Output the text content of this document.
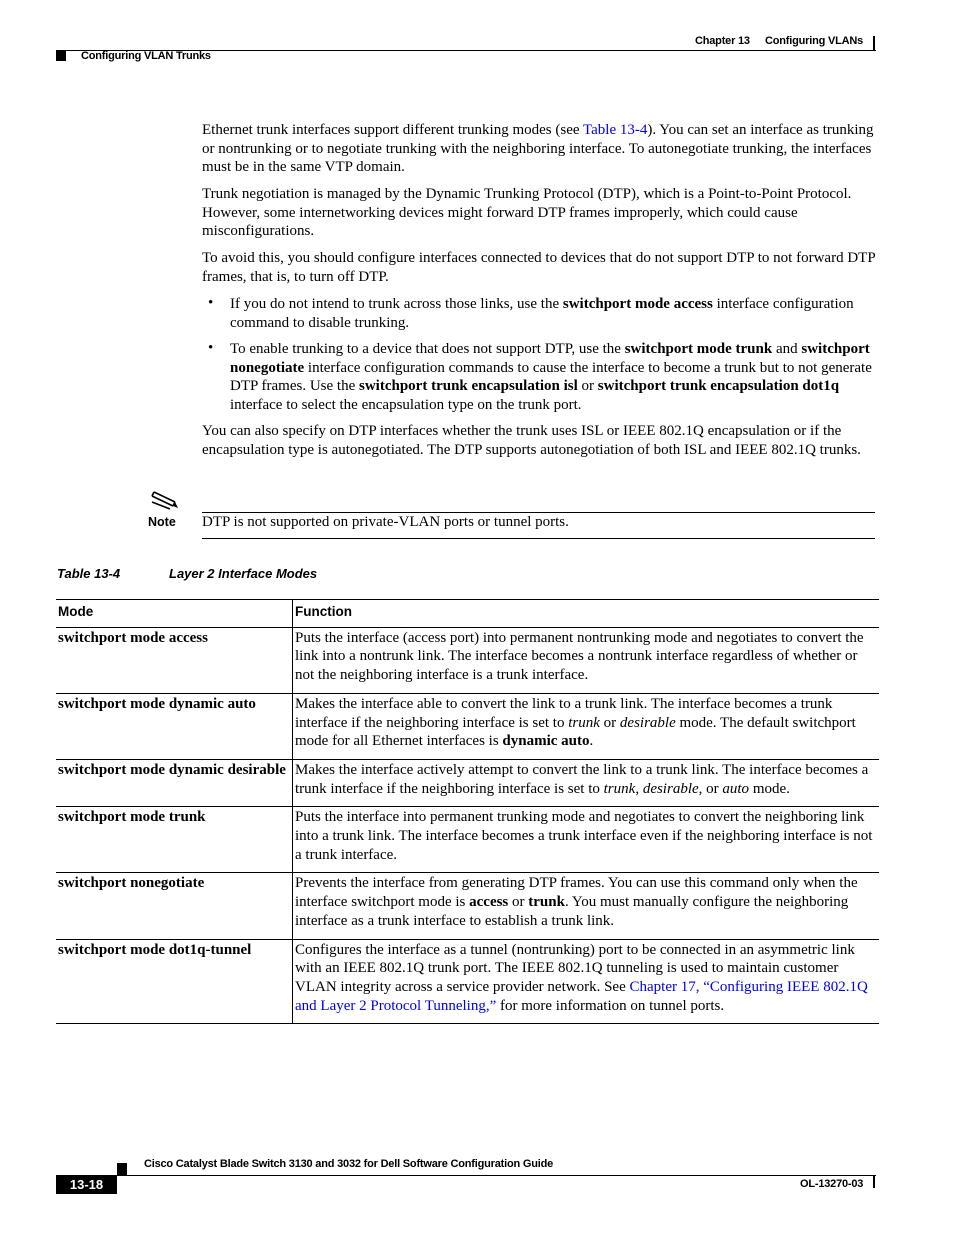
Chapter 13 Configuring VLANs
Configuring VLAN Trunks
Ethernet trunk interfaces support different trunking modes (see Table 13-4). You can set an interface as trunking or nontrunking or to negotiate trunking with the neighboring interface. To autonegotiate trunking, the interfaces must be in the same VTP domain.
Trunk negotiation is managed by the Dynamic Trunking Protocol (DTP), which is a Point-to-Point Protocol. However, some internetworking devices might forward DTP frames improperly, which could cause misconfigurations.
To avoid this, you should configure interfaces connected to devices that do not support DTP to not forward DTP frames, that is, to turn off DTP.
• If you do not intend to trunk across those links, use the switchport mode access interface configuration command to disable trunking.
• To enable trunking to a device that does not support DTP, use the switchport mode trunk and switchport nonegotiate interface configuration commands to cause the interface to become a trunk but to not generate DTP frames. Use the switchport trunk encapsulation isl or switchport trunk encapsulation dot1q interface to select the encapsulation type on the trunk port.
You can also specify on DTP interfaces whether the trunk uses ISL or IEEE 802.1Q encapsulation or if the encapsulation type is autonegotiated. The DTP supports autonegotiation of both ISL and IEEE 802.1Q trunks.
Note DTP is not supported on private-VLAN ports or tunnel ports.
Table 13-4	Layer 2 Interface Modes
Mode	Function
switchport mode access	Puts the interface (access port) into permanent nontrunking mode and negotiates to convert the link into a nontrunk link. The interface becomes a nontrunk interface regardless of whether or not the neighboring interface is a trunk interface.
switchport mode dynamic auto	Makes the interface able to convert the link to a trunk link. The interface becomes a trunk interface if the neighboring interface is set to trunk or desirable mode. The default switchport mode for all Ethernet interfaces is dynamic auto.
switchport mode dynamic desirable	Makes the interface actively attempt to convert the link to a trunk link. The interface becomes a trunk interface if the neighboring interface is set to trunk, desirable, or auto mode.
switchport mode trunk	Puts the interface into permanent trunking mode and negotiates to convert the neighboring link into a trunk link. The interface becomes a trunk interface even if the neighboring interface is not a trunk interface.
switchport nonegotiate	Prevents the interface from generating DTP frames. You can use this command only when the interface switchport mode is access or trunk. You must manually configure the neighboring interface as a trunk interface to establish a trunk link.
switchport mode dot1q-tunnel	Configures the interface as a tunnel (nontrunking) port to be connected in an asymmetric link with an IEEE 802.1Q trunk port. The IEEE 802.1Q tunneling is used to maintain customer VLAN integrity across a service provider network. See Chapter 17, “Configuring IEEE 802.1Q and Layer 2 Protocol Tunneling,” for more information on tunnel ports.
Cisco Catalyst Blade Switch 3130 and 3032 for Dell Software Configuration Guide
13-18	OL-13270-03
